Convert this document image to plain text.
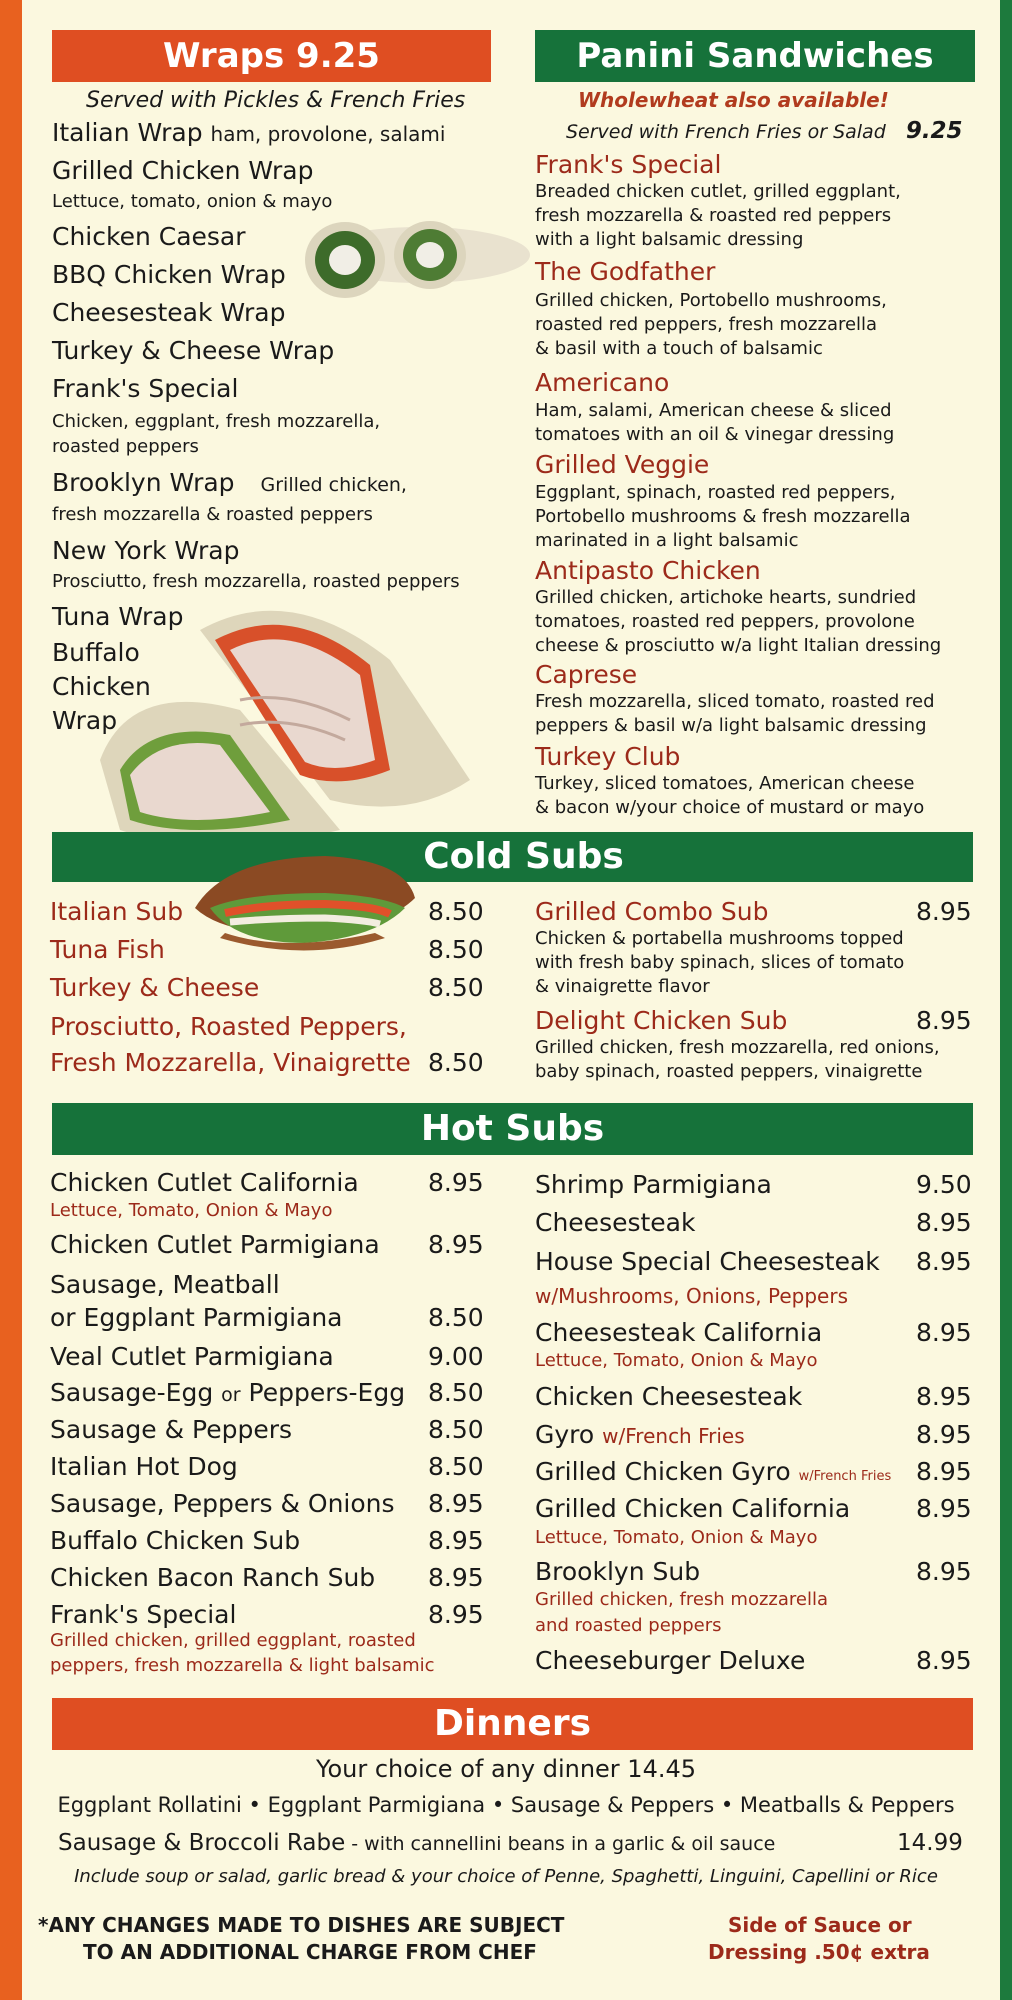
Wraps 9.25
Served with Pickles & French Fries
Italian Wrap ham, provolone, salami
Grilled Chicken Wrap
Lettuce, tomato, onion & mayo
Chicken Caesar
BBQ Chicken Wrap
Cheesesteak Wrap
Turkey & Cheese Wrap
Frank's Special
Chicken, eggplant, fresh mozzarella,
roasted peppers
Brooklyn Wrap Grilled chicken,
fresh mozzarella & roasted peppers
New York Wrap
Prosciutto, fresh mozzarella, roasted peppers
Tuna Wrap
Buffalo
Chicken
Wrap
Panini Sandwiches
Wholewheat also available!
Served with French Fries or Salad 9.25
Frank's Special
Breaded chicken cutlet, grilled eggplant,
fresh mozzarella & roasted red peppers
with a light balsamic dressing
The Godfather
Grilled chicken, Portobello mushrooms,
roasted red peppers, fresh mozzarella
& basil with a touch of balsamic
Americano
Ham, salami, American cheese & sliced
tomatoes with an oil & vinegar dressing
Grilled Veggie
Eggplant, spinach, roasted red peppers,
Portobello mushrooms & fresh mozzarella
marinated in a light balsamic
Antipasto Chicken
Grilled chicken, artichoke hearts, sundried
tomatoes, roasted red peppers, provolone
cheese & prosciutto w/a light Italian dressing
Caprese
Fresh mozzarella, sliced tomato, roasted red
peppers & basil w/a light balsamic dressing
Turkey Club
Turkey, sliced tomatoes, American cheese
& bacon w/your choice of mustard or mayo
Cold Subs
Italian Sub	8.50
Tuna Fish	8.50
Turkey & Cheese	8.50
Prosciutto, Roasted Peppers,
Fresh Mozzarella, Vinaigrette 8.50
Grilled Combo Sub	8.95
Chicken & portabella mushrooms topped
with fresh baby spinach, slices of tomato
& vinaigrette flavor
Delight Chicken Sub	8.95
Grilled chicken, fresh mozzarella, red onions,
baby spinach, roasted peppers, vinaigrette
Hot Subs
Chicken Cutlet California	8.95
Lettuce, Tomato, Onion & Mayo
Chicken Cutlet Parmigiana 8.95
Sausage, Meatball
or Eggplant Parmigiana	8.50
Veal Cutlet Parmigiana	9.00
Sausage-Egg or Peppers-Egg 8.50
Sausage & Peppers	8.50
Italian Hot Dog	8.50
Sausage, Peppers & Onions 8.95
Buffalo Chicken Sub	8.95
Chicken Bacon Ranch Sub 8.95
Frank's Special	8.95
Grilled chicken, grilled eggplant, roasted
peppers, fresh mozzarella & light balsamic
Shrimp Parmigiana	9.50
Cheesesteak	8.95
House Special Cheesesteak 8.95
w/Mushrooms, Onions, Peppers
Cheesesteak California	8.95
Lettuce, Tomato, Onion & Mayo
Chicken Cheesesteak	8.95
Gyro w/French Fries	8.95
Grilled Chicken Gyro w/French Fries 8.95
Grilled Chicken California	8.95
Lettuce, Tomato, Onion & Mayo
Brooklyn Sub	8.95
Grilled chicken, fresh mozzarella
and roasted peppers
Cheeseburger Deluxe	8.95
Dinners
Your choice of any dinner 14.45
Eggplant Rollatini • Eggplant Parmigiana • Sausage & Peppers • Meatballs & Peppers
Sausage & Broccoli Rabe - with cannellini beans in a garlic & oil sauce	14.99
Include soup or salad, garlic bread & your choice of Penne, Spaghetti, Linguini, Capellini or Rice
*ANY CHANGES MADE TO DISHES ARE SUBJECT
TO AN ADDITIONAL CHARGE FROM CHEF
Side of Sauce or
Dressing .50¢ extra
